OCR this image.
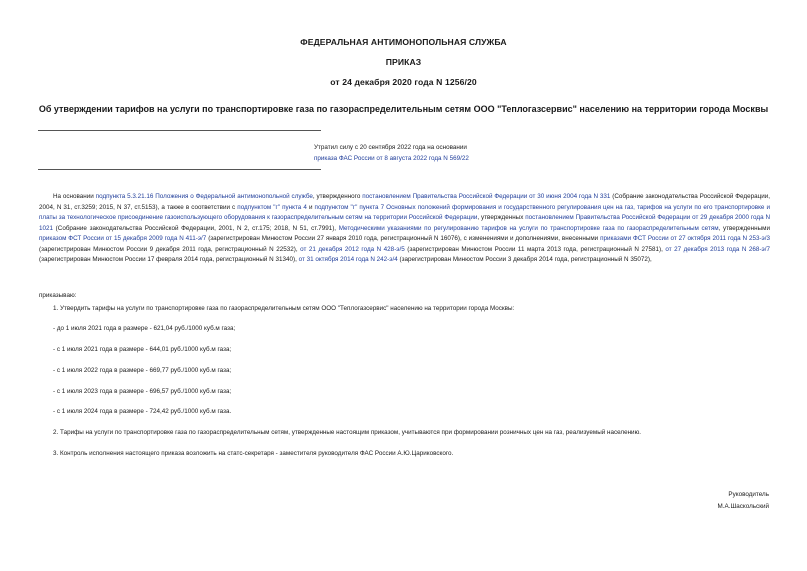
ФЕДЕРАЛЬНАЯ АНТИМОНОПОЛЬНАЯ СЛУЖБА
ПРИКАЗ
от 24 декабря 2020 года N 1256/20
Об утверждении тарифов на услуги по транспортировке газа по газораспределительным сетям ООО "Теплогазсервис" населению на территории города Москвы
Утратил силу с 20 сентября 2022 года на основании
приказа ФАС России от 8 августа 2022 года N 569/22
На основании подпункта 5.3.21.16 Положения о Федеральной антимонопольной службе, утвержденного постановлением Правительства Российской Федерации от 30 июня 2004 года N 331 (Собрание законодательства Российской Федерации, 2004, N 31, ст.3259; 2015, N 37, ст.5153), а также в соответствии с подпунктом "г" пункта 4 и подпунктом "г" пункта 7 Основных положений формирования и государственного регулирования цен на газ, тарифов на услуги по его транспортировке и платы за технологическое присоединение газоиспользующего оборудования к газораспределительным сетям на территории Российской Федерации, утвержденных постановлением Правительства Российской Федерации от 29 декабря 2000 года N 1021 (Собрание законодательства Российской Федерации, 2001, N 2, ст.175; 2018, N 51, ст.7991), Методическими указаниями по регулированию тарифов на услуги по транспортировке газа по газораспределительным сетям, утвержденными приказом ФСТ России от 15 декабря 2009 года N 411-э/7 (зарегистрирован Минюстом России 27 января 2010 года, регистрационный N 16076), с изменениями и дополнениями, внесенными приказами ФСТ России от 27 октября 2011 года N 253-э/3 (зарегистрирован Минюстом России 9 декабря 2011 года, регистрационный N 22532), от 21 декабря 2012 года N 428-э/5 (зарегистрирован Минюстом России 11 марта 2013 года, регистрационный N 27581), от 27 декабря 2013 года N 268-э/7 (зарегистрирован Минюстом России 17 февраля 2014 года, регистрационный N 31340), от 31 октября 2014 года N 242-э/4 (зарегистрирован Минюстом России 3 декабря 2014 года, регистрационный N 35072),
приказываю:
1. Утвердить тарифы на услуги по транспортировке газа по газораспределительным сетям ООО "Теплогазсервис" населению на территории города Москвы:
- до 1 июля 2021 года в размере - 621,04 руб./1000 куб.м газа;
- с 1 июля 2021 года в размере - 644,01 руб./1000 куб.м газа;
- с 1 июля 2022 года в размере - 669,77 руб./1000 куб.м газа;
- с 1 июля 2023 года в размере - 696,57 руб./1000 куб.м газа;
- с 1 июля 2024 года в размере - 724,42 руб./1000 куб.м газа.
2. Тарифы на услуги по транспортировке газа по газораспределительным сетям, утвержденные настоящим приказом, учитываются при формировании розничных цен на газ, реализуемый населению.
3. Контроль исполнения настоящего приказа возложить на статс-секретаря - заместителя руководителя ФАС России А.Ю.Цариковского.
Руководитель
М.А.Шаскольский
